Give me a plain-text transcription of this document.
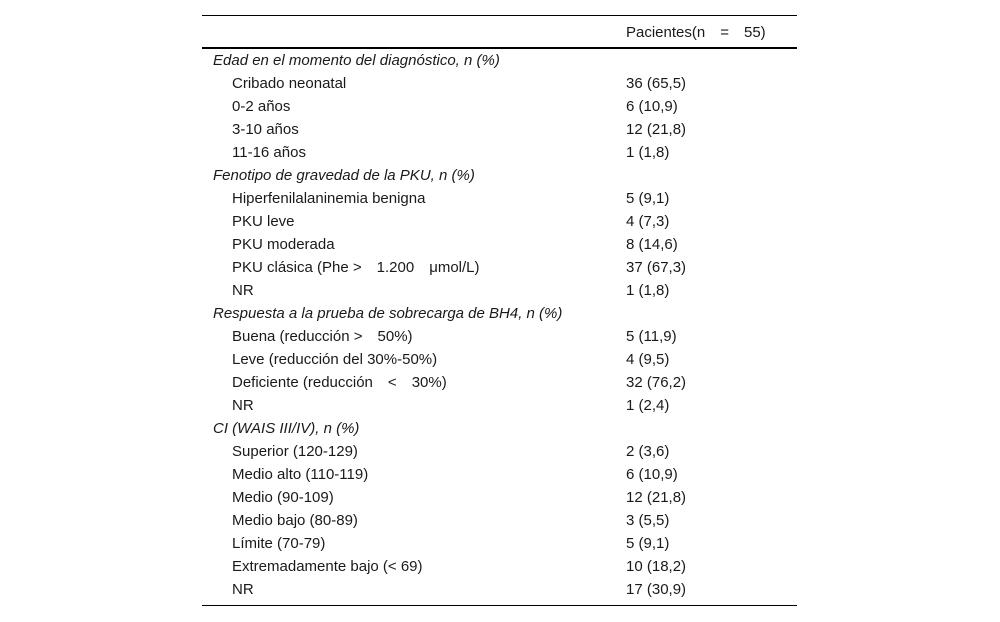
Pacientes(n     =     55)
Edad en el momento del diagnóstico, n (%)
Cribado neonatal	36 (65,5)
0-2 años	6 (10,9)
3-10 años	12 (21,8)
11-16 años	1 (1,8)
Fenotipo de gravedad de la PKU, n (%)
Hiperfenilalaninemia benigna	5 (9,1)
PKU leve	4 (7,3)
PKU moderada	8 (14,6)
PKU clásica (Phe >     1.200     μmol/L)	37 (67,3)
NR	1 (1,8)
Respuesta a la prueba de sobrecarga de BH4, n (%)
Buena (reducción >     50%)	5 (11,9)
Leve (reducción del 30%-50%)	4 (9,5)
Deficiente (reducción     <     30%)	32 (76,2)
NR	1 (2,4)
CI (WAIS III/IV), n (%)
Superior (120-129)	2 (3,6)
Medio alto (110-119)	6 (10,9)
Medio (90-109)	12 (21,8)
Medio bajo (80-89)	3 (5,5)
Límite (70-79)	5 (9,1)
Extremadamente bajo (< 69)	10 (18,2)
NR	17 (30,9)
